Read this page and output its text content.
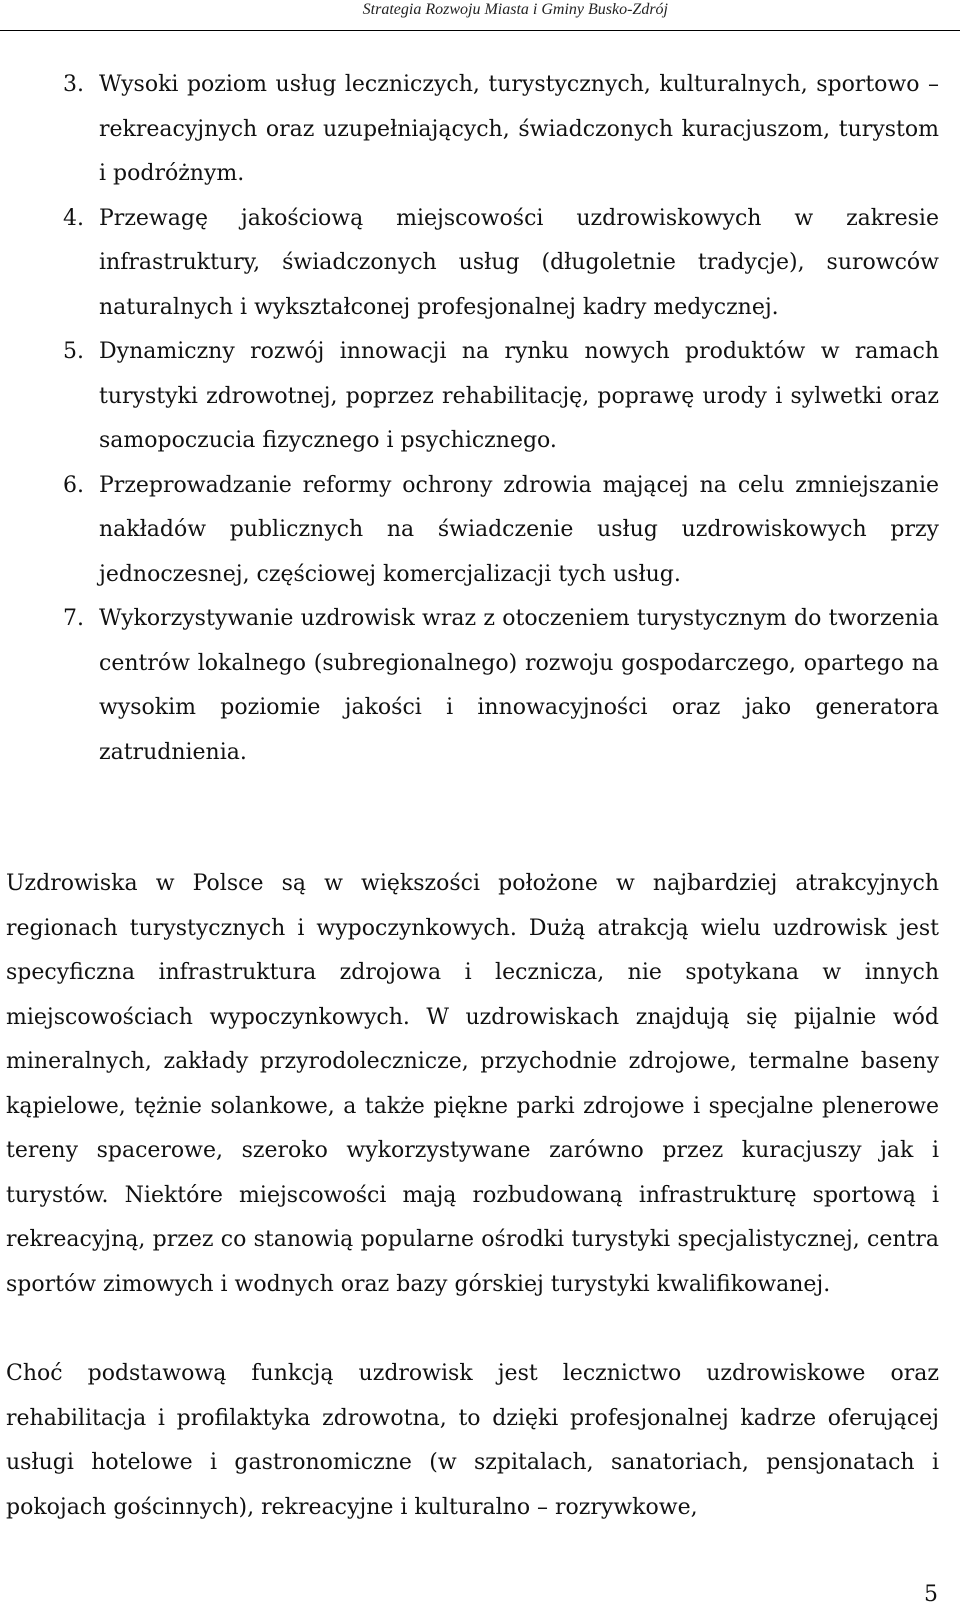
Strategia Rozwoju Miasta i Gminy Busko-Zdrój
3. Wysoki poziom usług leczniczych, turystycznych, kulturalnych, sportowo – rekreacyjnych oraz uzupełniających, świadczonych kuracjuszom, turystom i podróżnym.
4. Przewagę jakościową miejscowości uzdrowiskowych w zakresie infrastruktury, świadczonych usług (długoletnie tradycje), surowców naturalnych i wykształconej profesjonalnej kadry medycznej.
5. Dynamiczny rozwój innowacji na rynku nowych produktów w ramach turystyki zdrowotnej, poprzez rehabilitację, poprawę urody i sylwetki oraz samopoczucia fizycznego i psychicznego.
6. Przeprowadzanie reformy ochrony zdrowia mającej na celu zmniejszanie nakładów publicznych na świadczenie usług uzdrowiskowych przy jednoczesnej, częściowej komercjalizacji tych usług.
7. Wykorzystywanie uzdrowisk wraz z otoczeniem turystycznym do tworzenia centrów lokalnego (subregionalnego) rozwoju gospodarczego, opartego na wysokim poziomie jakości i innowacyjności oraz jako generatora zatrudnienia.

Uzdrowiska w Polsce są w większości położone w najbardziej atrakcyjnych regionach turystycznych i wypoczynkowych. Dużą atrakcją wielu uzdrowisk jest specyficzna infrastruktura zdrojowa i lecznicza, nie spotykana w innych miejscowościach wypoczynkowych. W uzdrowiskach znajdują się pijalnie wód mineralnych, zakłady przyrodolecznicze, przychodnie zdrojowe, termalne baseny kąpielowe, tężnie solankowe, a także piękne parki zdrojowe i specjalne plenerowe tereny spacerowe, szeroko wykorzystywane zarówno przez kuracjuszy jak i turystów. Niektóre miejscowości mają rozbudowaną infrastrukturę sportową i rekreacyjną, przez co stanowią popularne ośrodki turystyki specjalistycznej, centra sportów zimowych i wodnych oraz bazy górskiej turystyki kwalifikowanej.

Choć podstawową funkcją uzdrowisk jest lecznictwo uzdrowiskowe oraz rehabilitacja i profilaktyka zdrowotna, to dzięki profesjonalnej kadrze oferującej usługi hotelowe i gastronomiczne (w szpitalach, sanatoriach, pensjonatach i pokojach gościnnych), rekreacyjne i kulturalno – rozrywkowe,

5
